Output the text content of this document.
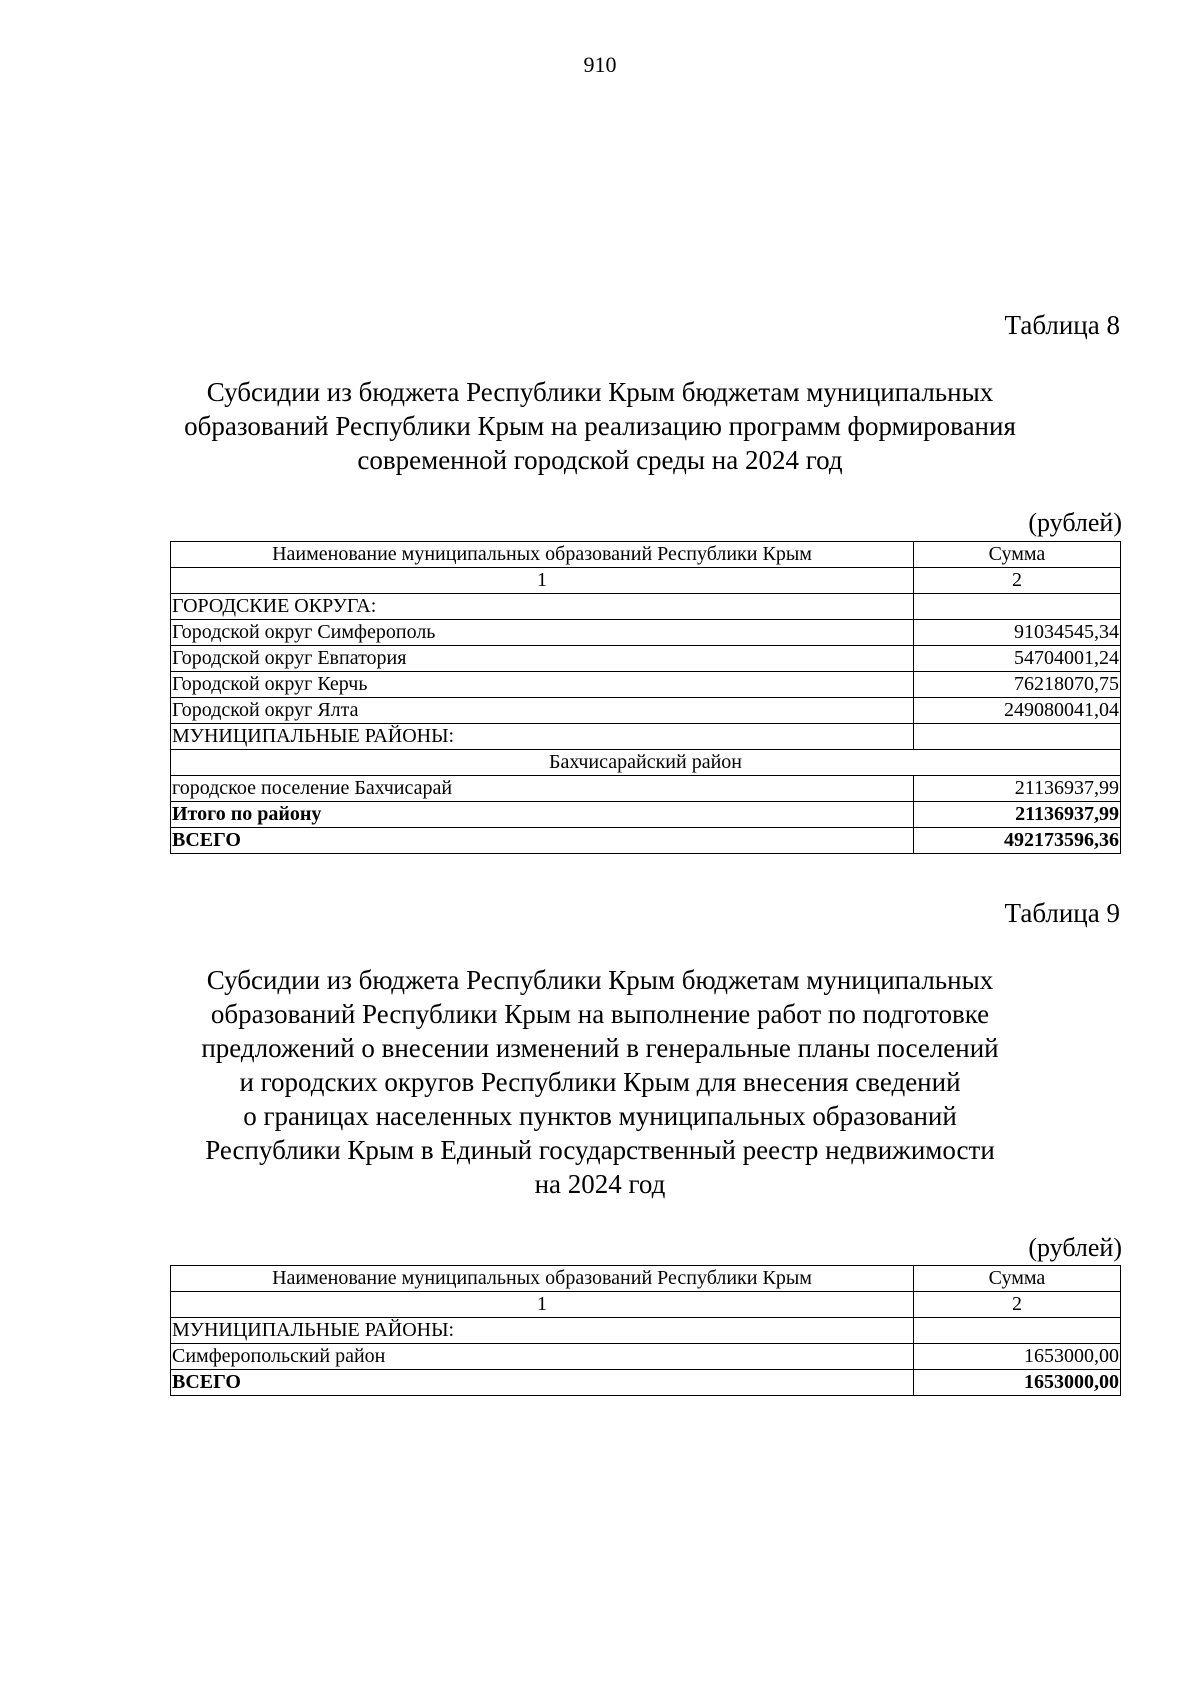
910
Таблица 8
Субсидии из бюджета Республики Крым бюджетам муниципальных
образований Республики Крым на реализацию программ формирования
современной городской среды на 2024 год
(рублей)
Наименование муниципальных образований Республики Крым	Сумма
1	2
ГОРОДСКИЕ ОКРУГА:	
Городской округ Симферополь	91034545,34
Городской округ Евпатория	54704001,24
Городской округ Керчь	76218070,75
Городской округ Ялта	249080041,04
МУНИЦИПАЛЬНЫЕ РАЙОНЫ:	
Бахчисарайский район	
городское поселение Бахчисарай	21136937,99
Итого по району	21136937,99
ВСЕГО	492173596,36
Таблица 9
Субсидии из бюджета Республики Крым бюджетам муниципальных
образований Республики Крым на выполнение работ по подготовке
предложений о внесении изменений в генеральные планы поселений
и городских округов Республики Крым для внесения сведений
о границах населенных пунктов муниципальных образований
Республики Крым в Единый государственный реестр недвижимости
на 2024 год
(рублей)
Наименование муниципальных образований Республики Крым	Сумма
1	2
МУНИЦИПАЛЬНЫЕ РАЙОНЫ:	
Симферопольский район	1653000,00
ВСЕГО	1653000,00
